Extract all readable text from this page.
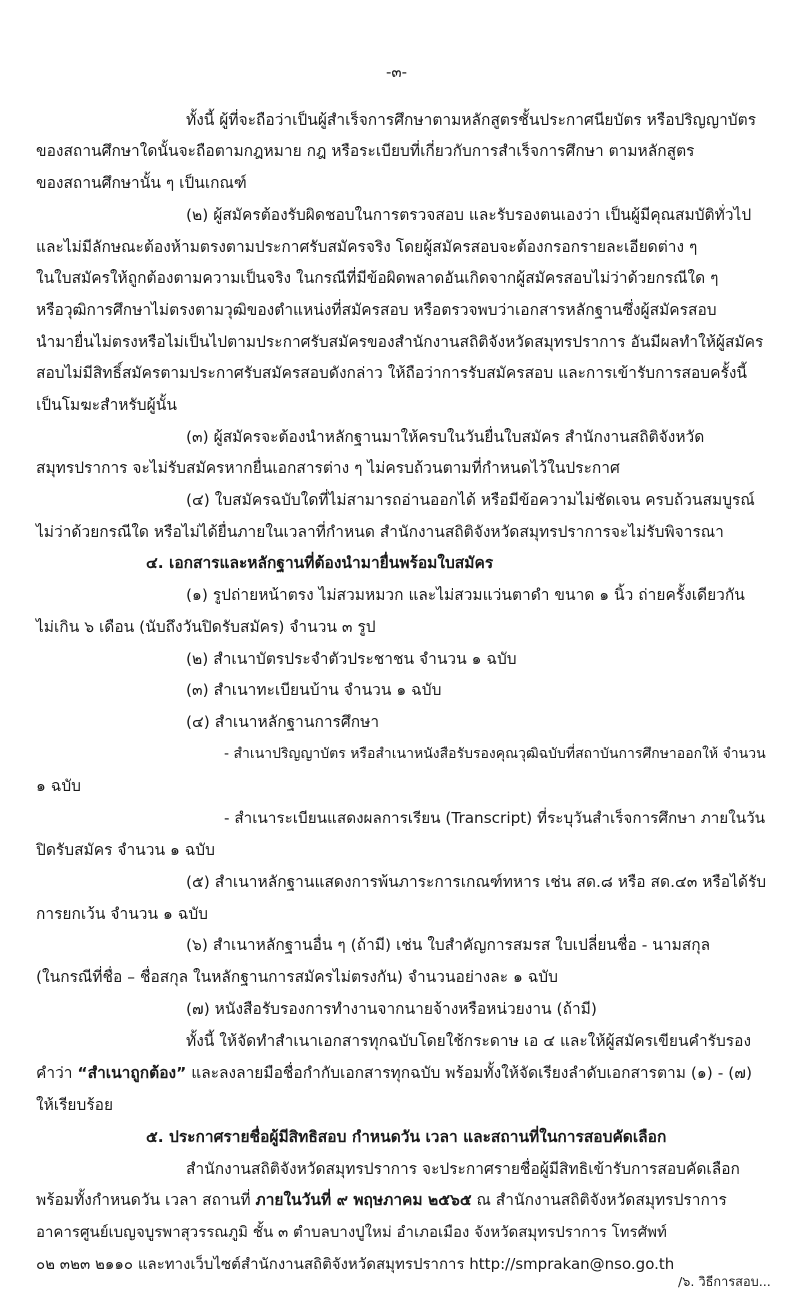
-๓-
ทั้งนี้ ผู้ที่จะถือว่าเป็นผู้สำเร็จการศึกษาตามหลักสูตรชั้นประกาศนียบัตร หรือปริญญาบัตร
ของสถานศึกษาใดนั้นจะถือตามกฎหมาย กฎ หรือระเบียบที่เกี่ยวกับการสำเร็จการศึกษา ตามหลักสูตร
ของสถานศึกษานั้น ๆ เป็นเกณฑ์
(๒) ผู้สมัครต้องรับผิดชอบในการตรวจสอบ และรับรองตนเองว่า เป็นผู้มีคุณสมบัติทั่วไป
และไม่มีลักษณะต้องห้ามตรงตามประกาศรับสมัครจริง โดยผู้สมัครสอบจะต้องกรอกรายละเอียดต่าง ๆ
ในใบสมัครให้ถูกต้องตามความเป็นจริง ในกรณีที่มีข้อผิดพลาดอันเกิดจากผู้สมัครสอบไม่ว่าด้วยกรณีใด ๆ
หรือวุฒิการศึกษาไม่ตรงตามวุฒิของตำแหน่งที่สมัครสอบ หรือตรวจพบว่าเอกสารหลักฐานซึ่งผู้สมัครสอบ
นำมายื่นไม่ตรงหรือไม่เป็นไปตามประกาศรับสมัครของสำนักงานสถิติจังหวัดสมุทรปราการ อันมีผลทำให้ผู้สมัคร
สอบไม่มีสิทธิ์สมัครตามประกาศรับสมัครสอบดังกล่าว ให้ถือว่าการรับสมัครสอบ และการเข้ารับการสอบครั้งนี้
เป็นโมฆะสำหรับผู้นั้น
(๓) ผู้สมัครจะต้องนำหลักฐานมาให้ครบในวันยื่นใบสมัคร สำนักงานสถิติจังหวัด
สมุทรปราการ จะไม่รับสมัครหากยื่นเอกสารต่าง ๆ ไม่ครบถ้วนตามที่กำหนดไว้ในประกาศ
(๔) ใบสมัครฉบับใดที่ไม่สามารถอ่านออกได้ หรือมีข้อความไม่ชัดเจน ครบถ้วนสมบูรณ์
ไม่ว่าด้วยกรณีใด หรือไม่ได้ยื่นภายในเวลาที่กำหนด สำนักงานสถิติจังหวัดสมุทรปราการจะไม่รับพิจารณา
๔. เอกสารและหลักฐานที่ต้องนำมายื่นพร้อมใบสมัคร
(๑) รูปถ่ายหน้าตรง ไม่สวมหมวก และไม่สวมแว่นตาดำ ขนาด ๑ นิ้ว ถ่ายครั้งเดียวกัน
ไม่เกิน ๖ เดือน (นับถึงวันปิดรับสมัคร) จำนวน ๓ รูป
(๒) สำเนาบัตรประจำตัวประชาชน จำนวน ๑ ฉบับ
(๓) สำเนาทะเบียนบ้าน จำนวน ๑ ฉบับ
(๔) สำเนาหลักฐานการศึกษา
- สำเนาปริญญาบัตร หรือสำเนาหนังสือรับรองคุณวุฒิฉบับที่สถาบันการศึกษาออกให้ จำนวน
๑ ฉบับ
- สำเนาระเบียนแสดงผลการเรียน (Transcript) ที่ระบุวันสำเร็จการศึกษา ภายในวัน
ปิดรับสมัคร จำนวน ๑ ฉบับ
(๕) สำเนาหลักฐานแสดงการพ้นภาระการเกณฑ์ทหาร เช่น สด.๘ หรือ สด.๔๓ หรือได้รับ
การยกเว้น จำนวน ๑ ฉบับ
(๖) สำเนาหลักฐานอื่น ๆ (ถ้ามี) เช่น ใบสำคัญการสมรส ใบเปลี่ยนชื่อ - นามสกุล
(ในกรณีที่ชื่อ – ชื่อสกุล ในหลักฐานการสมัครไม่ตรงกัน) จำนวนอย่างละ ๑ ฉบับ
(๗) หนังสือรับรองการทำงานจากนายจ้างหรือหน่วยงาน (ถ้ามี)
ทั้งนี้ ให้จัดทำสำเนาเอกสารทุกฉบับโดยใช้กระดาษ เอ ๔ และให้ผู้สมัครเขียนคำรับรอง
คำว่า “สำเนาถูกต้อง” และลงลายมือชื่อกำกับเอกสารทุกฉบับ พร้อมทั้งให้จัดเรียงลำดับเอกสารตาม (๑) - (๗)
ให้เรียบร้อย
๕. ประกาศรายชื่อผู้มีสิทธิสอบ กำหนดวัน เวลา และสถานที่ในการสอบคัดเลือก
สำนักงานสถิติจังหวัดสมุทรปราการ จะประกาศรายชื่อผู้มีสิทธิเข้ารับการสอบคัดเลือก
พร้อมทั้งกำหนดวัน เวลา สถานที่ ภายในวันที่ ๙ พฤษภาคม ๒๕๖๕ ณ สำนักงานสถิติจังหวัดสมุทรปราการ
อาคารศูนย์เบญจบูรพาสุวรรณภูมิ ชั้น ๓ ตำบลบางปูใหม่ อำเภอเมือง จังหวัดสมุทรปราการ โทรศัพท์
๐๒ ๓๒๓ ๒๑๑๐ และทางเว็บไซต์สำนักงานสถิติจังหวัดสมุทรปราการ http://smprakan@nso.go.th
/๖. วิธีการสอบ...
